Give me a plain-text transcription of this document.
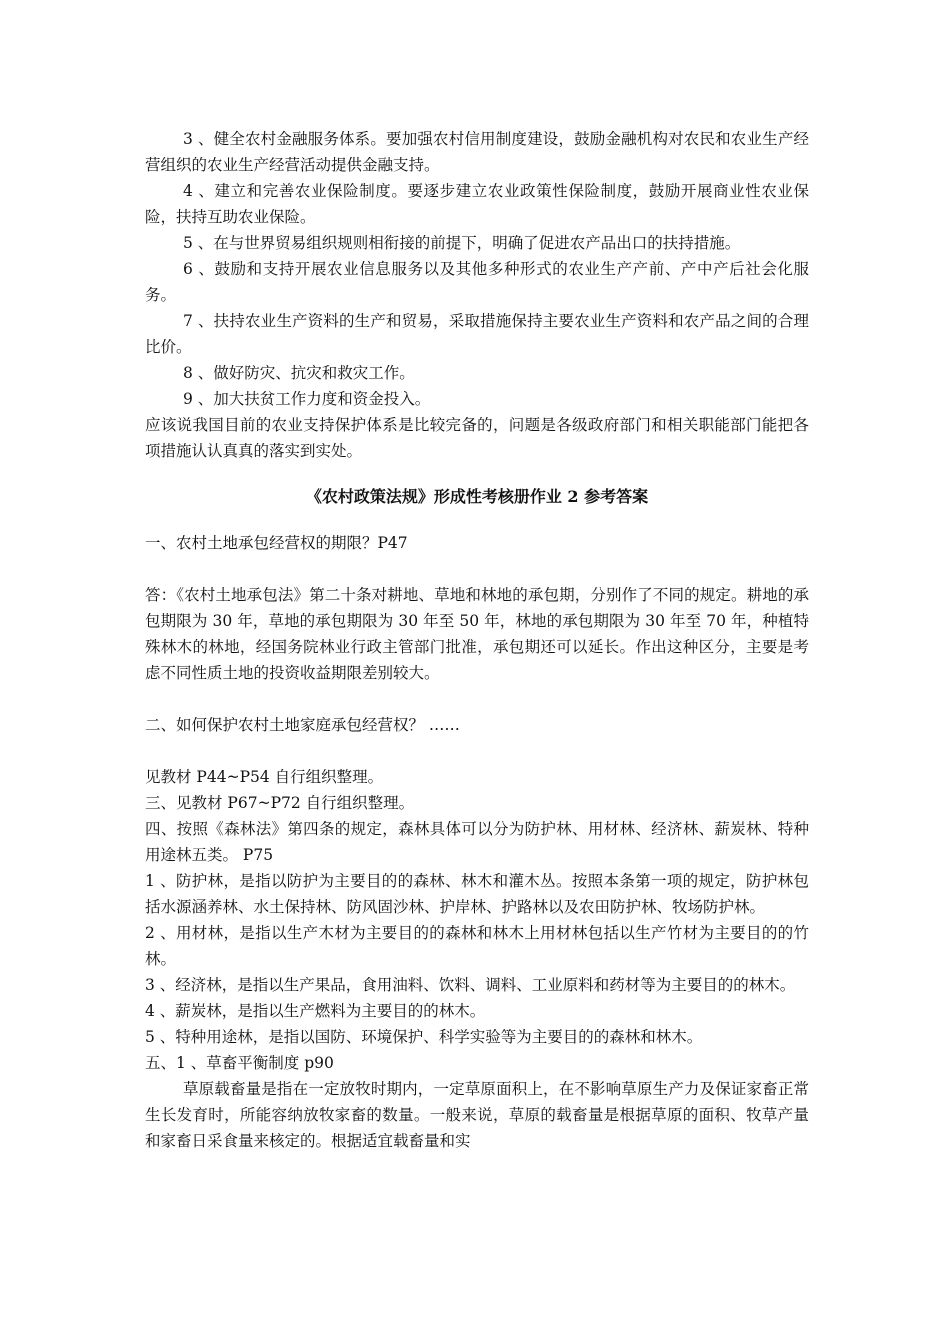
3 、健全农村金融服务体系。要加强农村信用制度建设，鼓励金融机构对农民和农业生产经营组织的农业生产经营活动提供金融支持。

4 、建立和完善农业保险制度。要逐步建立农业政策性保险制度，鼓励开展商业性农业保险，扶持互助农业保险。

5 、在与世界贸易组织规则相衔接的前提下，明确了促进农产品出口的扶持措施。

6 、鼓励和支持开展农业信息服务以及其他多种形式的农业生产产前、产中产后社会化服务。

7 、扶持农业生产资料的生产和贸易，采取措施保持主要农业生产资料和农产品之间的合理比价。

8 、做好防灾、抗灾和救灾工作。

9 、加大扶贫工作力度和资金投入。

应该说我国目前的农业支持保护体系是比较完备的，问题是各级政府部门和相关职能部门能把各项措施认认真真的落实到实处。

《农村政策法规》形成性考核册作业 2 参考答案

一、农村土地承包经营权的期限？P47

答：《农村土地承包法》第二十条对耕地、草地和林地的承包期，分别作了不同的规定。耕地的承包期限为 30 年，草地的承包期限为 30 年至 50 年，林地的承包期限为 30 年至 70 年，种植特殊林木的林地，经国务院林业行政主管部门批准，承包期还可以延长。作出这种区分，主要是考虑不同性质土地的投资收益期限差别较大。

二、如何保护农村土地家庭承包经营权？ ……

见教材 P44~P54 自行组织整理。

三、见教材 P67~P72 自行组织整理。

四、按照《森林法》第四条的规定，森林具体可以分为防护林、用材林、经济林、薪炭林、特种用途林五类。 P75

1 、防护林，是指以防护为主要目的的森林、林木和灌木丛。按照本条第一项的规定，防护林包括水源涵养林、水土保持林、防风固沙林、护岸林、护路林以及农田防护林、牧场防护林。

2 、用材林，是指以生产木材为主要目的的森林和林木上用材林包括以生产竹材为主要目的的竹林。

3 、经济林，是指以生产果品，食用油料、饮料、调料、工业原料和药材等为主要目的的林木。

4 、薪炭林，是指以生产燃料为主要目的的林木。

5 、特种用途林，是指以国防、环境保护、科学实验等为主要目的的森林和林木。

五、1 、草畜平衡制度 p90

草原载畜量是指在一定放牧时期内，一定草原面积上，在不影响草原生产力及保证家畜正常生长发育时，所能容纳放牧家畜的数量。一般来说，草原的载畜量是根据草原的面积、牧草产量和家畜日采食量来核定的。根据适宜载畜量和实
